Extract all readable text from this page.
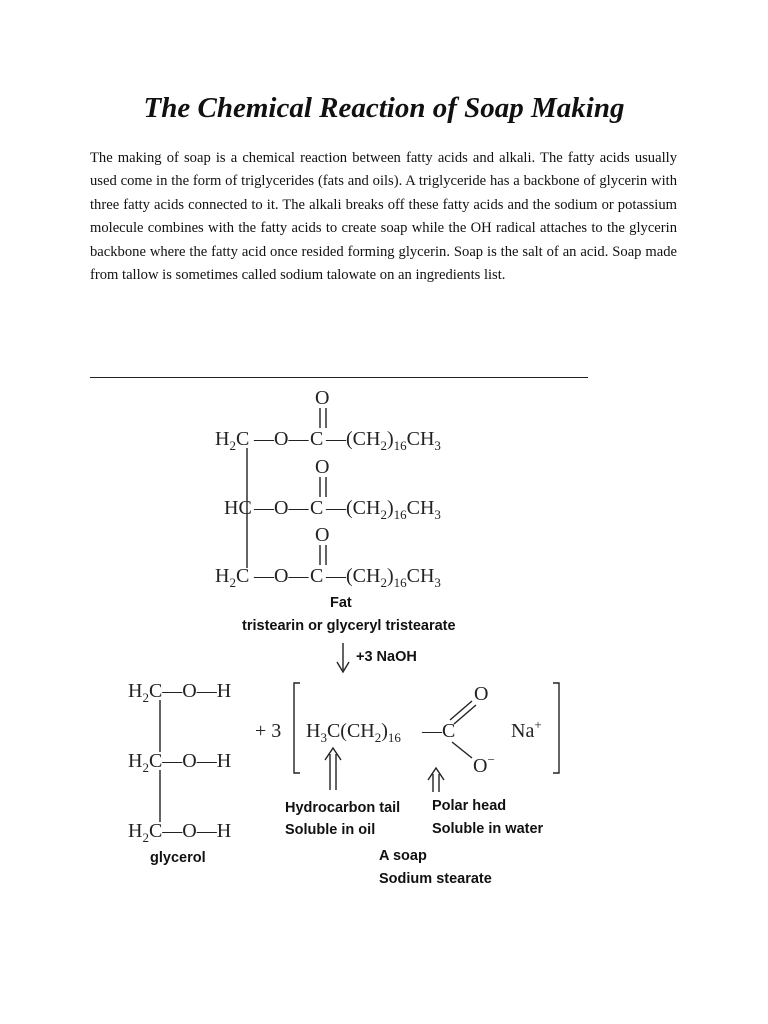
The Chemical Reaction of Soap Making

The making of soap is a chemical reaction between fatty acids and alkali. The fatty acids usually used come in the form of triglycerides (fats and oils). A triglyceride has a backbone of glycerin with three fatty acids connected to it. The alkali breaks off these fatty acids and the sodium or potassium molecule combines with the fatty acids to create soap while the OH radical attaches to the glycerin backbone where the fatty acid once resided forming glycerin. Soap is the salt of an acid. Soap made from tallow is sometimes called sodium talowate on an ingredients list.

$H_2C$ —O— C $—(CH_2)_{16}CH_3$
O
HC —O— C $—(CH_2)_{16}CH_3$
O
$H_2C$ —O— C $—(CH_2)_{16}CH_3$
O
Fat
tristearin or glyceryl tristearate
+3 NaOH
$H_2C—O—H$
$H_2C—O—H$
$H_2C—O—H$
glycerol
+ 3 $H_3C(CH_2)_{16}$ —C
O
O−
Na+
Hydrocarbon tail
Soluble in oil
Polar head
Soluble in water
A soap
Sodium stearate
